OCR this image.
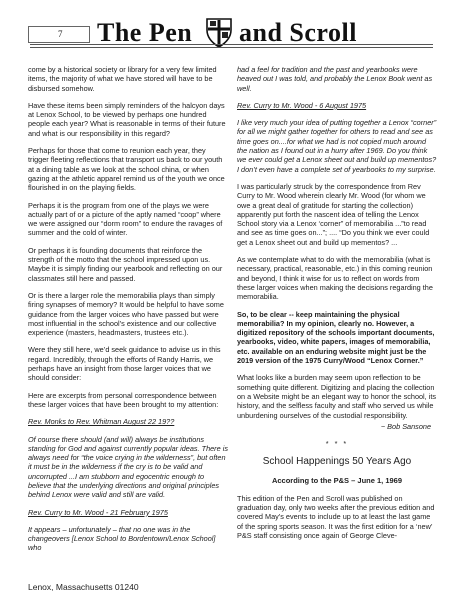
7	The Pen and Scroll

come by a historical society or library for a very few limited items, the majority of what we have stored will have to be disbursed somehow.

Have these items been simply reminders of the halcyon days at Lenox School, to be viewed by perhaps one hundred people each year? What is reasonable in terms of their future and what is our responsibility in this regard?

Perhaps for those that come to reunion each year, they trigger fleeting reflections that transport us back to our youth at a dining table as we look at the school china, or when gazing at the athletic apparel remind us of the youth we once flourished in on the playing fields.

Perhaps it is the program from one of the plays we were actually part of or a picture of the aptly named “coop” where we were assigned our “dorm room” to endure the ravages of summer and the cold of winter.

Or perhaps it is founding documents that reinforce the strength of the motto that the school impressed upon us. Maybe it is simply finding our yearbook and reflecting on our classmates still here and passed.

Or is there a larger role the memorabilia plays than simply firing synapses of memory? It would be helpful to have some guidance from the larger voices who have passed but were most influential in the school’s existence and our collective experience (masters, headmasters, trustees etc.).

Were they still here, we’d seek guidance to advise us in this regard. Incredibly, through the efforts of Randy Harris, we perhaps have an insight from those larger voices that we should consider:

Here are excerpts from personal correspondence between these larger voices that have been brought to my attention:

Rev. Monks to Rev. Whitman August 22 19??

Of course there should (and will) always be institutions standing for God and against currently popular ideas. There is always need for “the voice crying in the wilderness”, but often it must be in the wilderness if the cry is to be valid and uncorrupted ...I am stubborn and egocentric enough to believe that the underlying directions and original principles behind Lenox were valid and still are valid.

Rev. Curry to Mr. Wood - 21 February 1975

It appears – unfortunately – that no one was in the changeovers [Lenox School to Bordentown/Lenox School] who

had a feel for tradition and the past and yearbooks were heaved out I was told, and probably the Lenox Book went as well.

Rev. Curry to Mr. Wood - 6 August 1975

I like very much your idea of putting together a Lenox “corner” for all we might gather together for others to read and see as time goes on....for what we had is not copied much around the nation as I found out in a hurry after 1969. Do you think we ever could get a Lenox sheet out and build up mementos? I don’t even have a complete set of yearbooks to my surprise.

I was particularly struck by the correspondence from Rev Curry to Mr. Wood wherein clearly Mr. Wood (for whom we owe a great deal of gratitude for starting the collection) apparently put forth the nascent idea of telling the Lenox School story via a Lenox ‘corner” of memorabilia ...”to read and see as time goes on...”; .... “Do you think we ever could get a Lenox sheet out and build up mementos? ...

As we contemplate what to do with the memorabilia (what is necessary, practical, reasonable, etc.) in this coming reunion and beyond, I think it wise for us to reflect on words from these larger voices when making the decisions regarding the memorabilia.

So, to be clear -- keep maintaining the physical memorabilia? In my opinion, clearly no. However, a digitized repository of the schools important documents, yearbooks, video, white papers, images of memorabilia, etc. available on an enduring website might just be the 2019 version of the 1975 Curry/Wood “Lenox Corner.”

What looks like a burden may seem upon reflection to be something quite different. Digitizing and placing the collection on a Website might be an elegant way to honor the school, its history, and the selfless faculty and staff who served us while unburdening ourselves of the custodial responsibility.

~ Bob Sansone

* * *

School Happenings 50 Years Ago

According to the P&S – June 1, 1969

This edition of the Pen and Scroll was published on graduation day, only two weeks after the previous edition and covered May’s events to include up to at least the last game of the spring sports season. It was the first edition for a ‘new’ P&S staff consisting once again of George Cleve-

Lenox, Massachusetts 01240
